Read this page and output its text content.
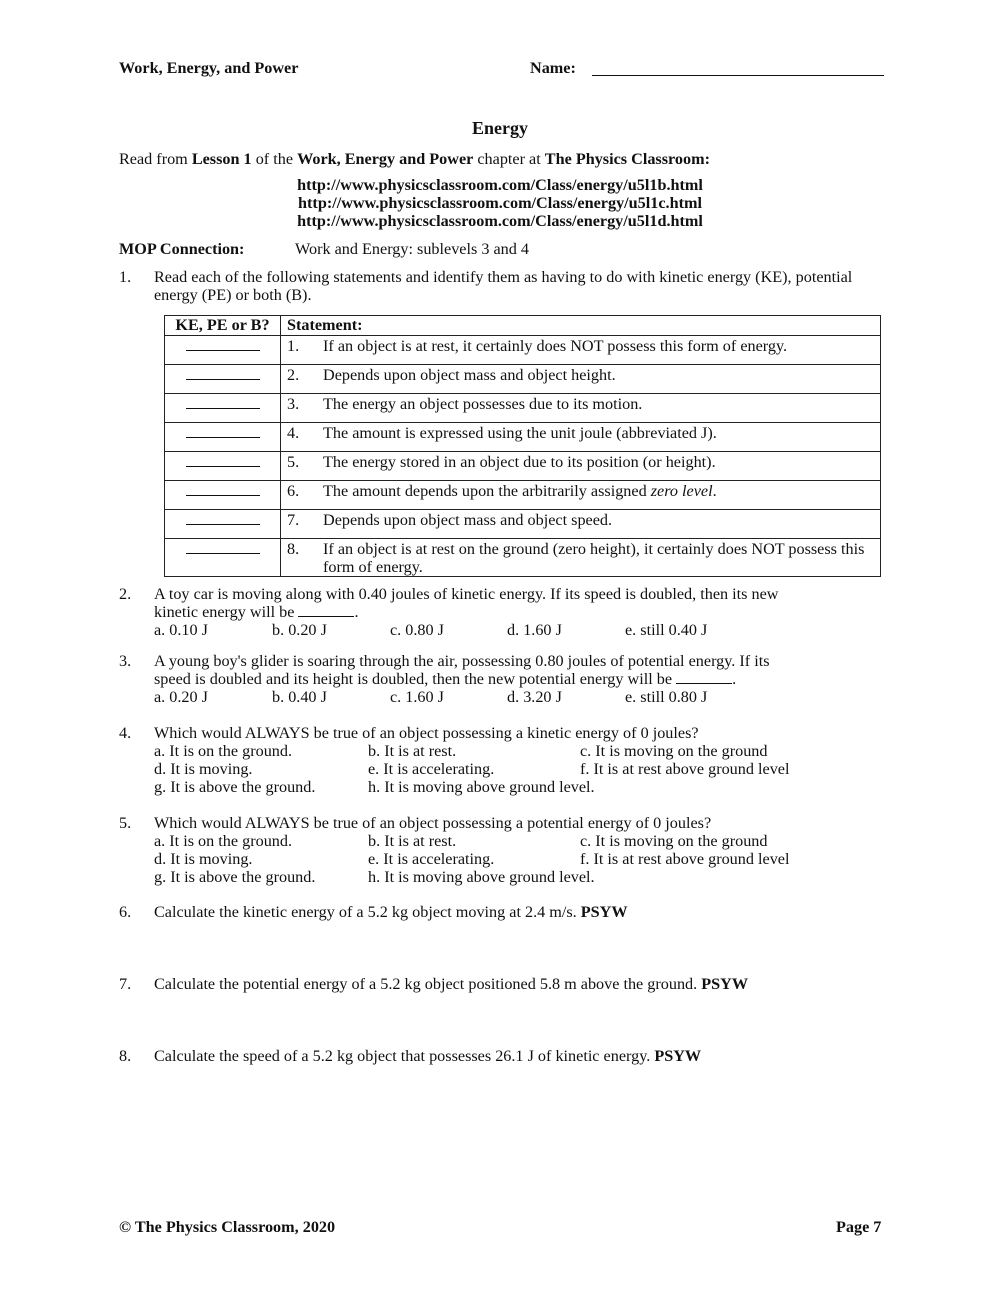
Work, Energy, and Power	Name:
Energy
Read from Lesson 1 of the Work, Energy and Power chapter at The Physics Classroom:
http://www.physicsclassroom.com/Class/energy/u5l1b.html
http://www.physicsclassroom.com/Class/energy/u5l1c.html
http://www.physicsclassroom.com/Class/energy/u5l1d.html
MOP Connection:	Work and Energy: sublevels 3 and 4
1. Read each of the following statements and identify them as having to do with kinetic energy (KE), potential energy (PE) or both (B).
KE, PE or B?	Statement:

	1. If an object is at rest, it certainly does NOT possess this form of energy.

	2. Depends upon object mass and object height.

	3. The energy an object possesses due to its motion.

	4. The amount is expressed using the unit joule (abbreviated J).

	5. The energy stored in an object due to its position (or height).

	6. The amount depends upon the arbitrarily assigned zero level.

	7. Depends upon object mass and object speed.

	8. If an object is at rest on the ground (zero height), it certainly does NOT possess this form of energy.
2. A toy car is moving along with 0.40 joules of kinetic energy. If its speed is doubled, then its new
kinetic energy will be	.
a. 0.10 J	b. 0.20 J	c. 0.80 J	d. 1.60 J	e. still 0.40 J
3. A young boy's glider is soaring through the air, possessing 0.80 joules of potential energy. If its
speed is doubled and its height is doubled, then the new potential energy will be	.
a. 0.20 J	b. 0.40 J	c. 1.60 J	d. 3.20 J	e. still 0.80 J
4. Which would ALWAYS be true of an object possessing a kinetic energy of 0 joules?
a. It is on the ground.	b. It is at rest.	c. It is moving on the ground
d. It is moving.	e. It is accelerating.	f. It is at rest above ground level
g. It is above the ground.	h. It is moving above ground level.
5. Which would ALWAYS be true of an object possessing a potential energy of 0 joules?
a. It is on the ground.	b. It is at rest.	c. It is moving on the ground
d. It is moving.	e. It is accelerating.	f. It is at rest above ground level
g. It is above the ground.	h. It is moving above ground level.
6. Calculate the kinetic energy of a 5.2 kg object moving at 2.4 m/s. PSYW
7. Calculate the potential energy of a 5.2 kg object positioned 5.8 m above the ground. PSYW
8. Calculate the speed of a 5.2 kg object that possesses 26.1 J of kinetic energy. PSYW
© The Physics Classroom, 2020	Page 7
